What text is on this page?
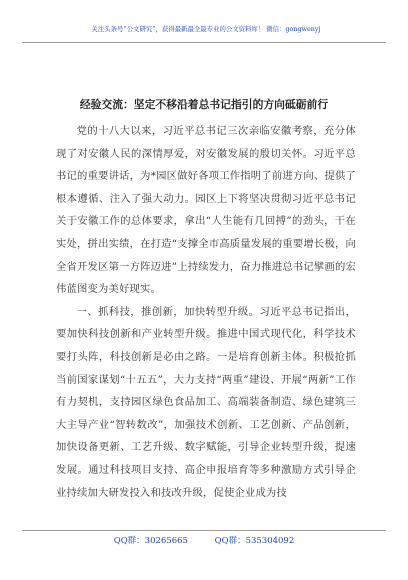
关注头条号“公文研究”，获得最新最全最专业的公文资料库！ 微信：gongwenyj
经验交流：坚定不移沿着总书记指引的方向砥砺前行

党的十八大以来，习近平总书记三次亲临安徽考察，充分体现了对安徽人民的深情厚爱，对安徽发展的殷切关怀。习近平总书记的重要讲话，为*园区做好各项工作指明了前进方向、提供了根本遵循、注入了强大动力。园区上下将坚决贯彻习近平总书记关于安徽工作的总体要求，拿出“人生能有几回搏”的劲头，干在实处，拼出实绩，在打造“支撑全市高质量发展的重要增长极，向全省开发区第一方阵迈进”上持续发力，奋力推进总书记擘画的宏伟蓝图变为美好现实。

一、抓科技，推创新，加快转型升级。习近平总书记指出，要加快科技创新和产业转型升级。推进中国式现代化，科学技术要打头阵，科技创新是必由之路。一是培育创新主体。积极抢抓当前国家谋划“十五五”，大力支持“两重”建设、开展“两新”工作有力契机，支持园区绿色食品加工、高端装备制造、绿色建筑三大主导产业“智转数改”，加强技术创新、工艺创新、产品创新，加快设备更新、工艺升级、数字赋能，引导企业转型升级，提速发展。通过科技项目支持、高企申报培育等多种激励方式引导企业持续加大研发投入和技改升级，促使企业成为技

QQ群：30265665	QQ群：535304092
